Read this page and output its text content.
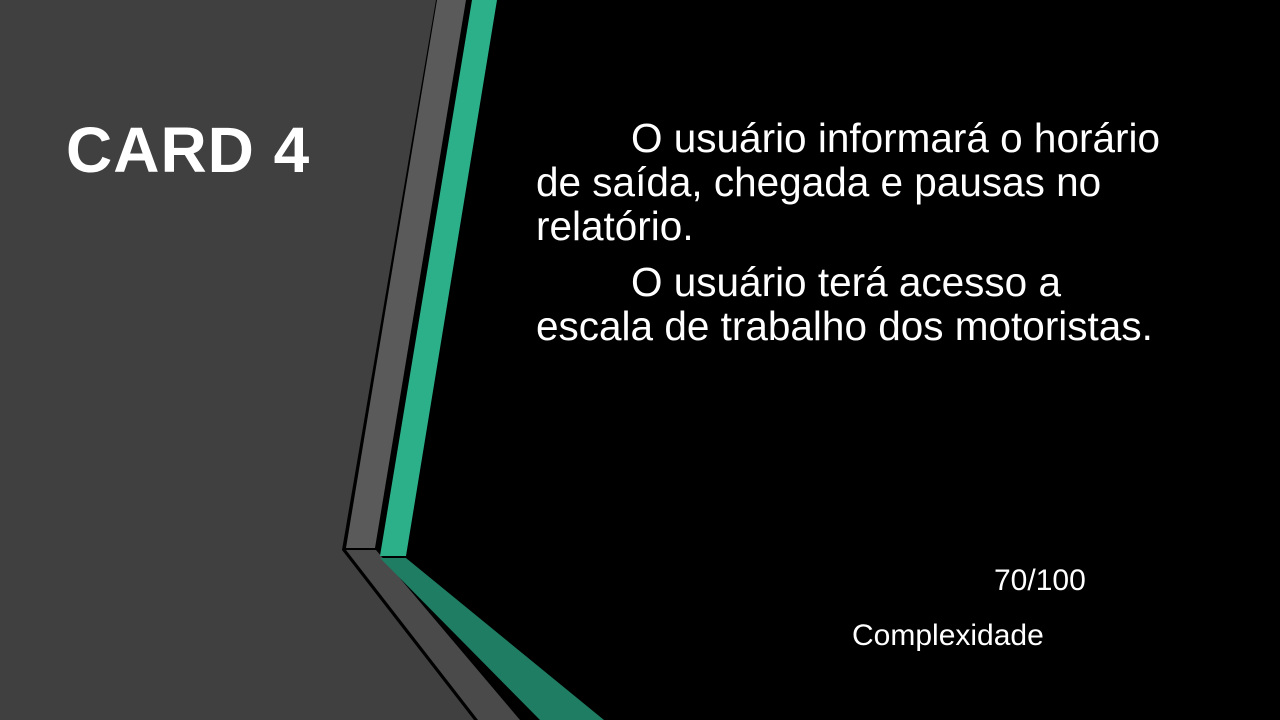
CARD 4	O usuário informará o horário de saída, chegada e pausas no relatório.

O usuário terá acesso a escala de trabalho dos motoristas.

70/100
Complexidade
